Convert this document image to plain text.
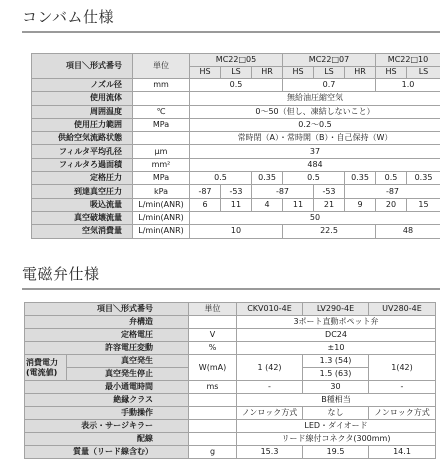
コンバム仕様
項目＼形式番号	単位	MC22□05			MC22□07			MC22□10	
		HS	LS	HR	HS	LS	HR	HS	LS
ノズル径	mm	0.5			0.7			1.0	
使用流体		無給油圧縮空気							
周囲温度	℃	0～50（但し、凍結しないこと）							
使用圧力範囲	MPa	0.2～0.5							
供給空気流路状態		常時閉（A）・常時開（B）・自己保持（W）							
フィルタ平均孔径	μm	37							
フィルタろ過面積	mm²	484							
定格圧力	MPa	0.5		0.35	0.5		0.35	0.5	0.35
到達真空圧力	kPa	-87	-53	-87		-53	-87		
吸込流量	L/min(ANR)	6	11	4	11	21	9	20	15
真空破壊流量	L/min(ANR)	50							
空気消費量	L/min(ANR)	10			22.5			48	
電磁弁仕様
項目＼形式番号		単位	CKV010-4E	LV290-4E	UV280-4E
弁構造			3ポート直動ポペット弁		
定格電圧		V	DC24		
許容電圧変動		%	±10		

消費電力
(電流値)	真空発生	W(mA)	1 (42)	1.3 (54)	1(42)
	真空発生停止			1.5 (63)	
最小通電時間		ms	-	30	-
絶縁クラス			B種相当		
手動操作			ノンロック方式	なし	ノンロック方式
表示・サージキラー			LED・ダイオード		
配線			リード線付コネクタ(300mm)		
質量（リード線含む）		g	15.3	19.5	14.1
